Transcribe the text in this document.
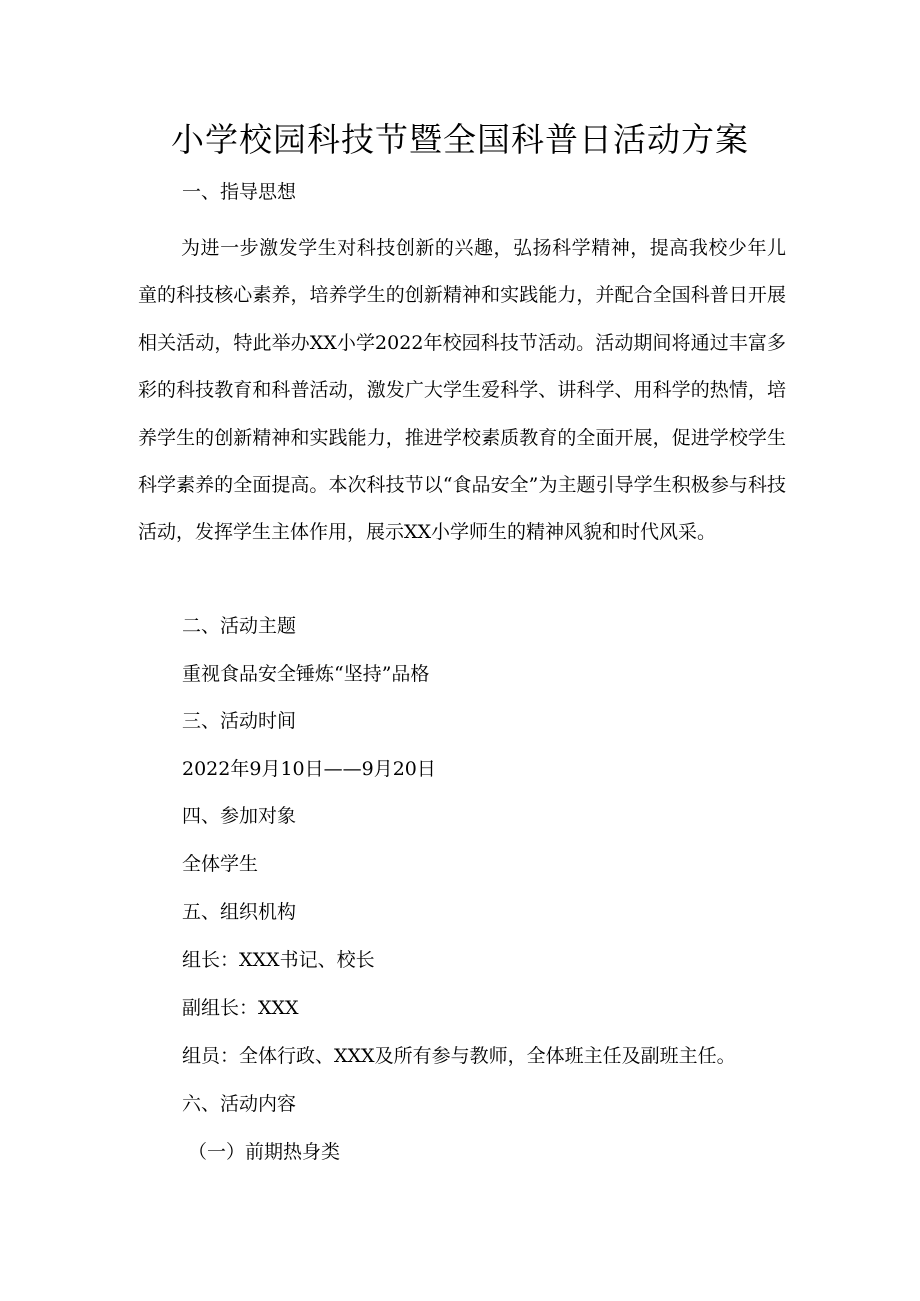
小学校园科技节暨全国科普日活动方案
一、指导思想

为进一步激发学生对科技创新的兴趣，弘扬科学精神，提高我校少年儿童的科技核心素养，培养学生的创新精神和实践能力，并配合全国科普日开展相关活动，特此举办XX小学2022年校园科技节活动。活动期间将通过丰富多彩的科技教育和科普活动，激发广大学生爱科学、讲科学、用科学的热情，培养学生的创新精神和实践能力，推进学校素质教育的全面开展，促进学校学生科学素养的全面提高。本次科技节以“食品安全”为主题引导学生积极参与科技活动，发挥学生主体作用，展示XX小学师生的精神风貌和时代风采。

二、活动主题
重视食品安全锤炼“坚持”品格
三、活动时间
2022年9月10日——9月20日
四、参加对象
全体学生
五、组织机构
组长：XXX书记、校长
副组长：XXX
组员：全体行政、XXX及所有参与教师，全体班主任及副班主任。
六、活动内容
（一）前期热身类
